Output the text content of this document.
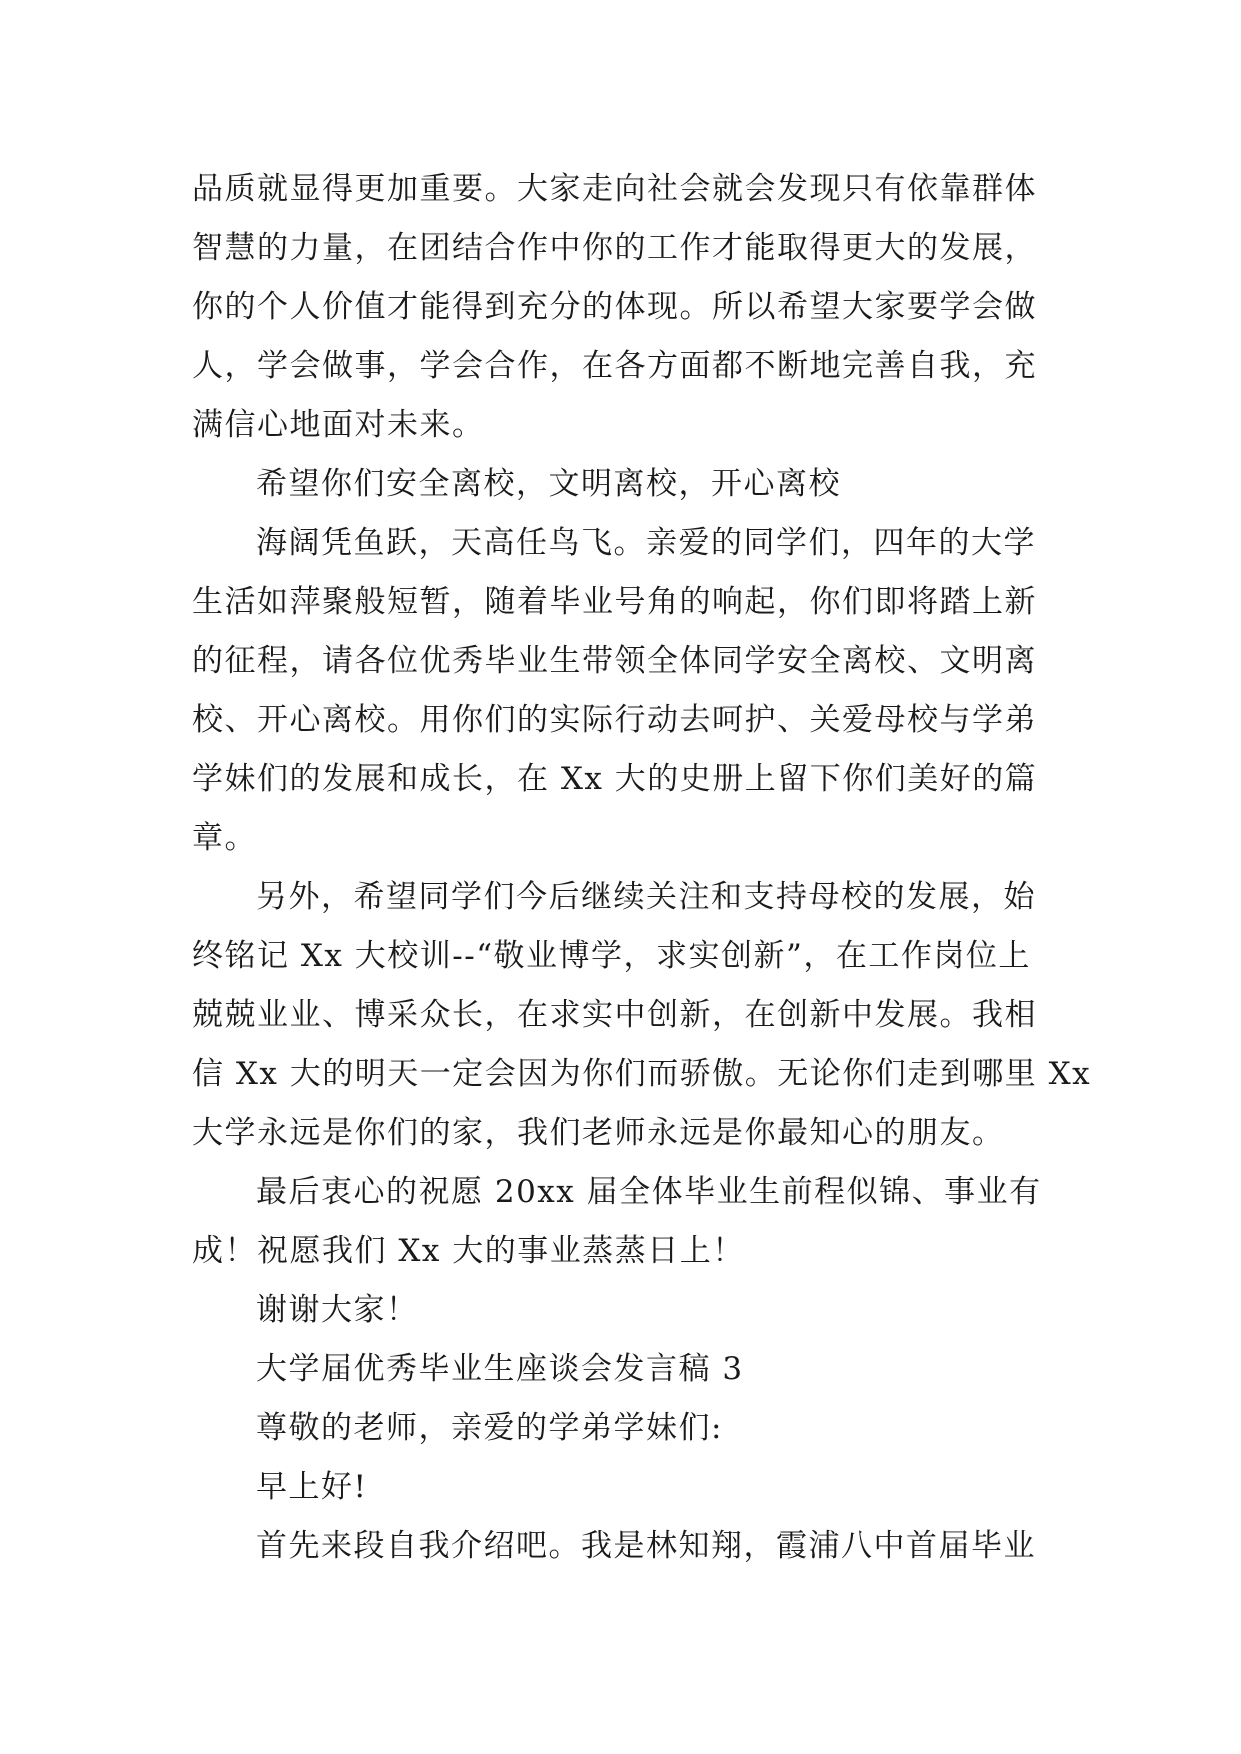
品质就显得更加重要。大家走向社会就会发现只有依靠群体
智慧的力量，在团结合作中你的工作才能取得更大的发展，
你的个人价值才能得到充分的体现。所以希望大家要学会做
人，学会做事，学会合作，在各方面都不断地完善自我，充
满信心地面对未来。
希望你们安全离校，文明离校，开心离校
海阔凭鱼跃，天高任鸟飞。亲爱的同学们，四年的大学
生活如萍聚般短暂，随着毕业号角的响起，你们即将踏上新
的征程，请各位优秀毕业生带领全体同学安全离校、文明离
校、开心离校。用你们的实际行动去呵护、关爱母校与学弟
学妹们的发展和成长，在 Xx 大的史册上留下你们美好的篇
章。
另外，希望同学们今后继续关注和支持母校的发展，始
终铭记 Xx 大校训--“敬业博学，求实创新”，在工作岗位上
兢兢业业、博采众长，在求实中创新，在创新中发展。我相
信 Xx 大的明天一定会因为你们而骄傲。无论你们走到哪里 Xx
大学永远是你们的家，我们老师永远是你最知心的朋友。
最后衷心的祝愿 20xx 届全体毕业生前程似锦、事业有
成！祝愿我们 Xx 大的事业蒸蒸日上！
谢谢大家！
大学届优秀毕业生座谈会发言稿 3
尊敬的老师，亲爱的学弟学妹们:
早上好!
首先来段自我介绍吧。我是林知翔，霞浦八中首届毕业
